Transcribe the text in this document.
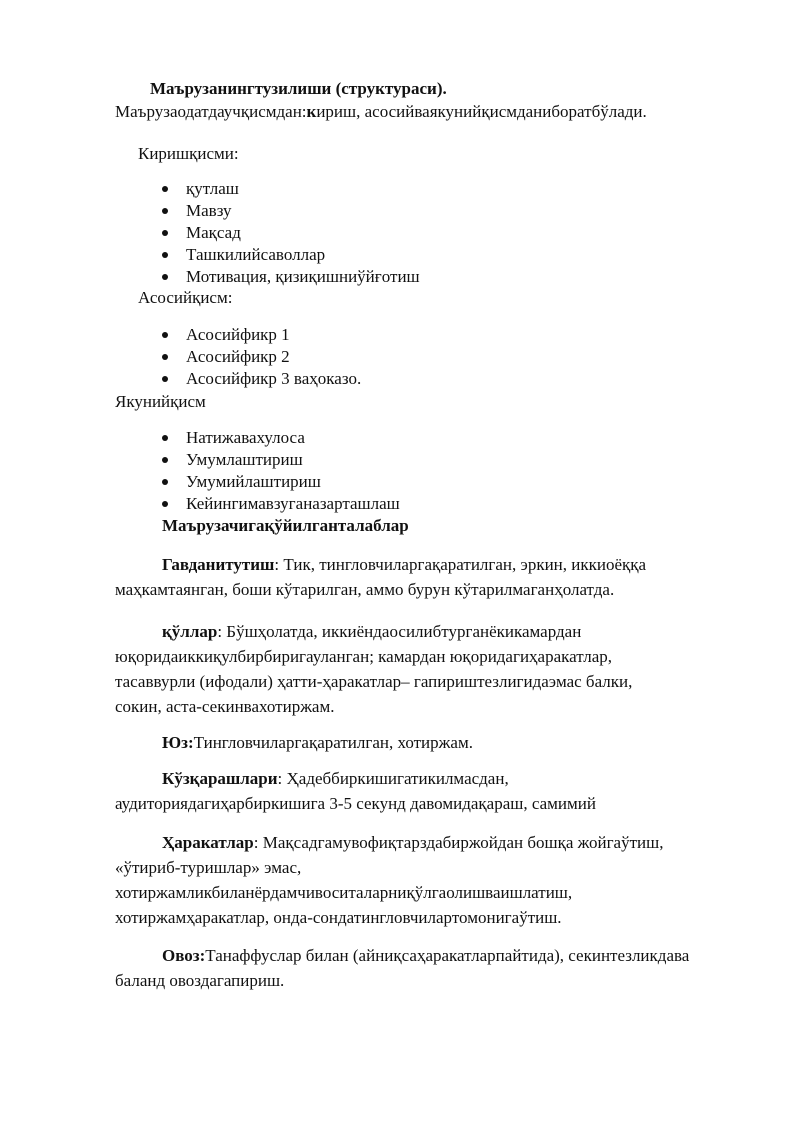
Маърузанингтузилиши (структураси).
Маърузаодатдаучқисмдан:кириш, асосийваякунийқисмданиборатбўлади.
Киришқисми:
қутлаш
Мавзу
Мақсад
Ташкилийсаволлар
Мотивация, қизиқишниўйғотиш
Асосийқисм:
Асосийфикр 1
Асосийфикр 2
Асосийфикр 3 ваҳоказо.
Якунийқисм
Натижавахулоса
Умумлаштириш
Умумийлаштириш
Кейингимавзуганазарташлаш
Маърузачигақўйилганталаблар
Гавданитутиш: Тик, тингловчиларгақаратилган, эркин, иккиоёққа
маҳкамтаянган, боши кўтарилган, аммо бурун кўтарилмаганҳолатда.
қўллар: Бўшҳолатда, иккиёндаосилибтурганёкикамардан
юқоридаиккиқулбирбиригауланган; камардан юқоридагиҳаракатлар,
тасаввурли (ифодали) ҳатти-ҳаракатлар– гапириштезлигидаэмас балки,
сокин, аста-секинвахотиржам.
Юз:Тингловчиларгақаратилган, хотиржам.
Кўзқарашлари: Ҳадеббиркишигатикилмасдан,
аудиториядагиҳарбиркишига 3-5 секунд давомидақараш, самимий
Ҳаракатлар: Мақсадгамувофиқтарздабиржойдан бошқа жойгаўтиш,
«ўтириб-туришлар» эмас,
хотиржамликбиланёрдамчивоситаларниқўлгаолишваишлатиш,
хотиржамҳаракатлар, онда-сондатингловчилартомонигаўтиш.
Овоз:Танаффуслар билан (айниқсаҳаракатларпайтида), секинтезликдава
баланд овоздагапириш.
